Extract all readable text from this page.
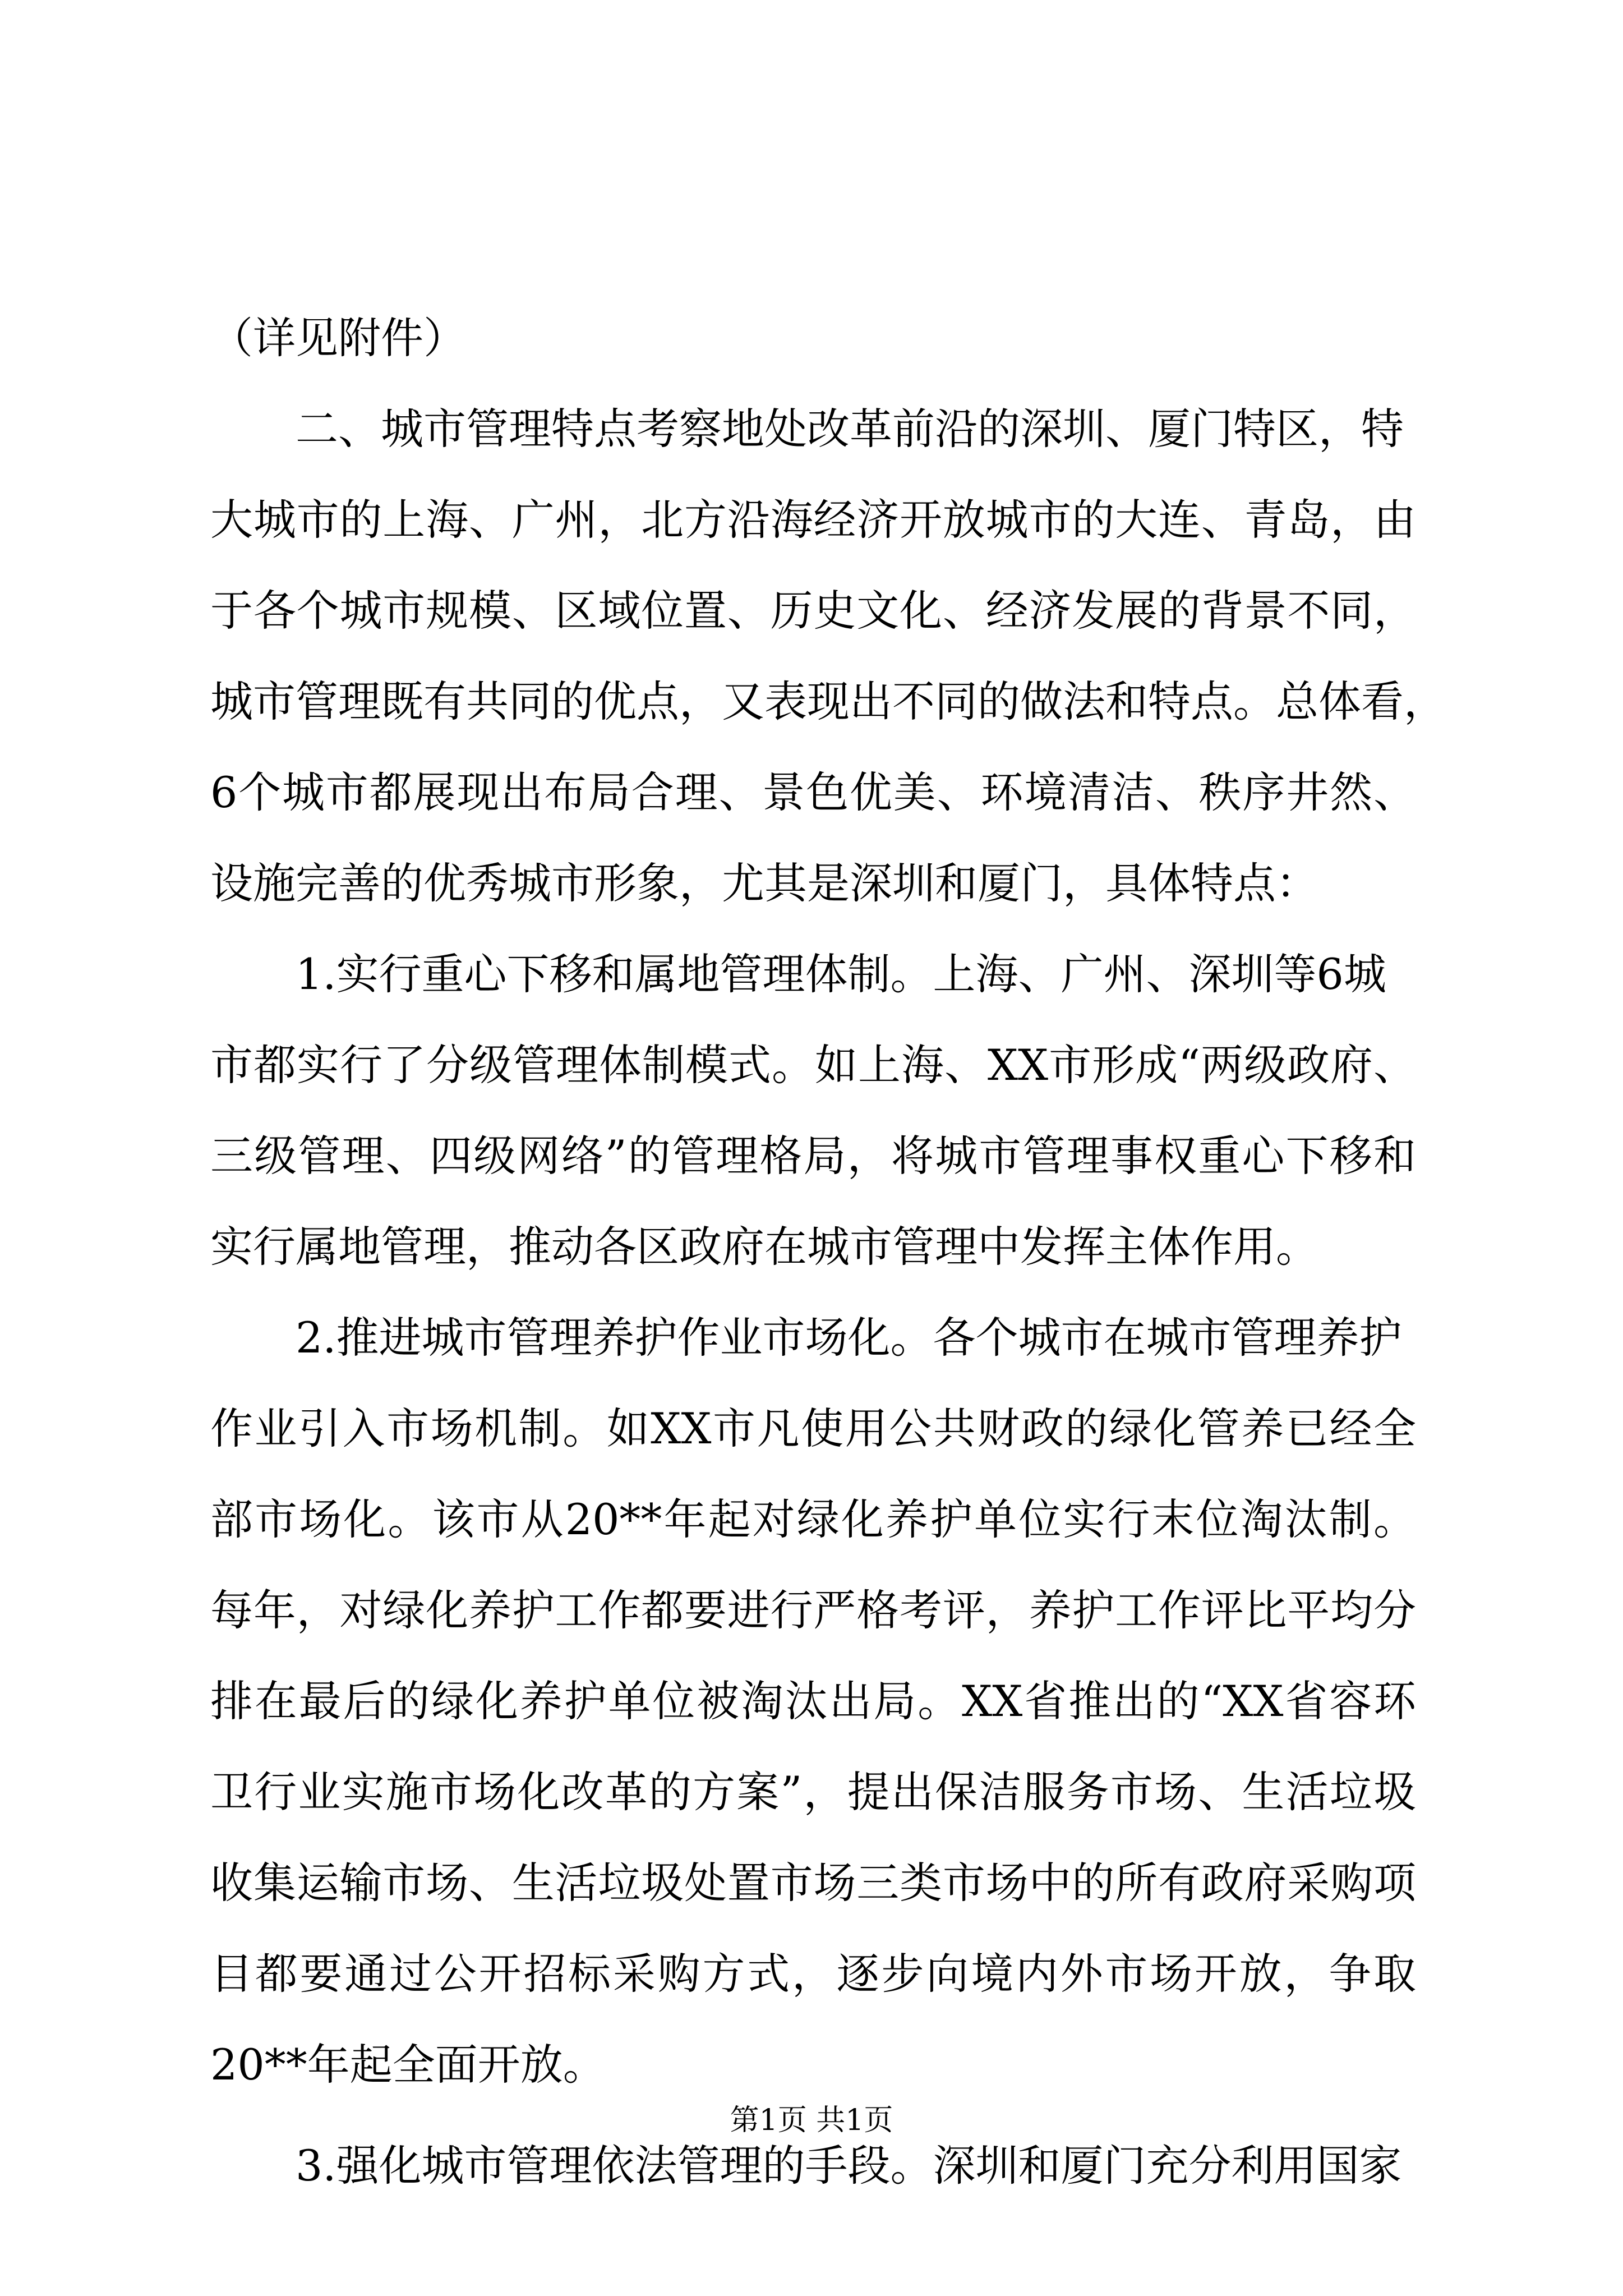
（详见附件）
　　二、城市管理特点考察地处改革前沿的深圳、厦门特区，特
大城市的上海、广州，北方沿海经济开放城市的大连、青岛，由
于各个城市规模、区域位置、历史文化、经济发展的背景不同，
城市管理既有共同的优点，又表现出不同的做法和特点。总体看，
6个城市都展现出布局合理、景色优美、环境清洁、秩序井然、
设施完善的优秀城市形象，尤其是深圳和厦门，具体特点：
　　1.实行重心下移和属地管理体制。上海、广州、深圳等6城
市都实行了分级管理体制模式。如上海、XX市形成“两级政府、
三级管理、四级网络”的管理格局，将城市管理事权重心下移和
实行属地管理，推动各区政府在城市管理中发挥主体作用。
　　2.推进城市管理养护作业市场化。各个城市在城市管理养护
作业引入市场机制。如XX市凡使用公共财政的绿化管养已经全
部市场化。该市从20**年起对绿化养护单位实行末位淘汰制。
每年，对绿化养护工作都要进行严格考评，养护工作评比平均分
排在最后的绿化养护单位被淘汰出局。XX省推出的“XX省容环
卫行业实施市场化改革的方案”，提出保洁服务市场、生活垃圾
收集运输市场、生活垃圾处置市场三类市场中的所有政府采购项
目都要通过公开招标采购方式，逐步向境内外市场开放，争取
20**年起全面开放。
　　3.强化城市管理依法管理的手段。深圳和厦门充分利用国家
第1页 共1页
